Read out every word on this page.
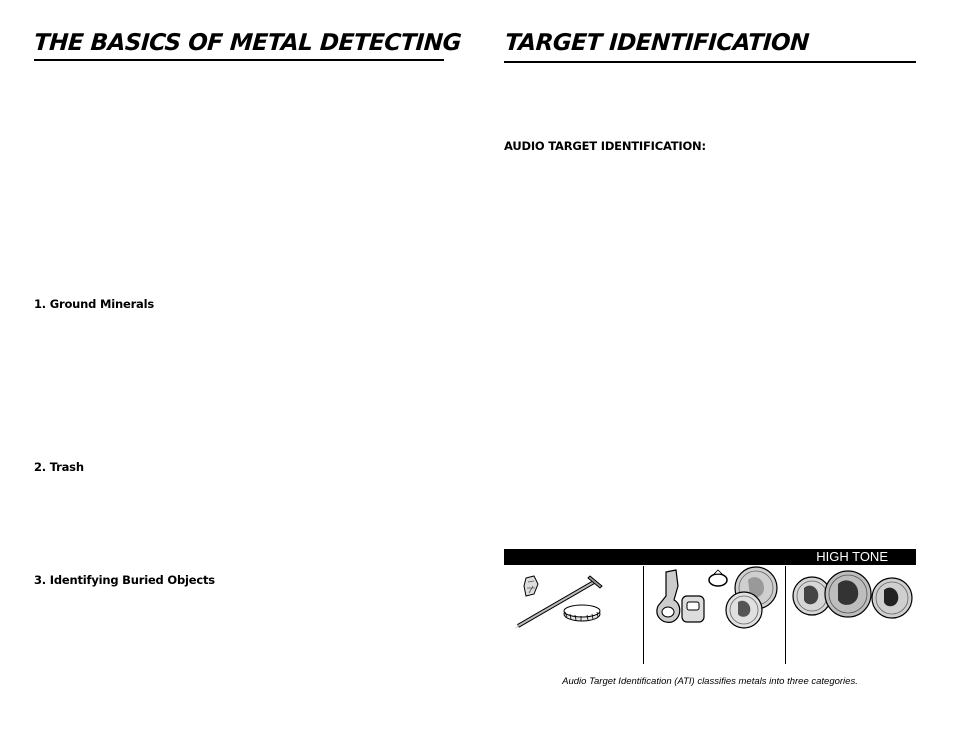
THE BASICS OF METAL DETECTING
1. Ground Minerals
2. Trash
3. Identifying Buried Objects
TARGET IDENTIFICATION
AUDIO TARGET IDENTIFICATION:
HIGH TONE
Audio Target Identification (ATI) classifies metals into three categories.
